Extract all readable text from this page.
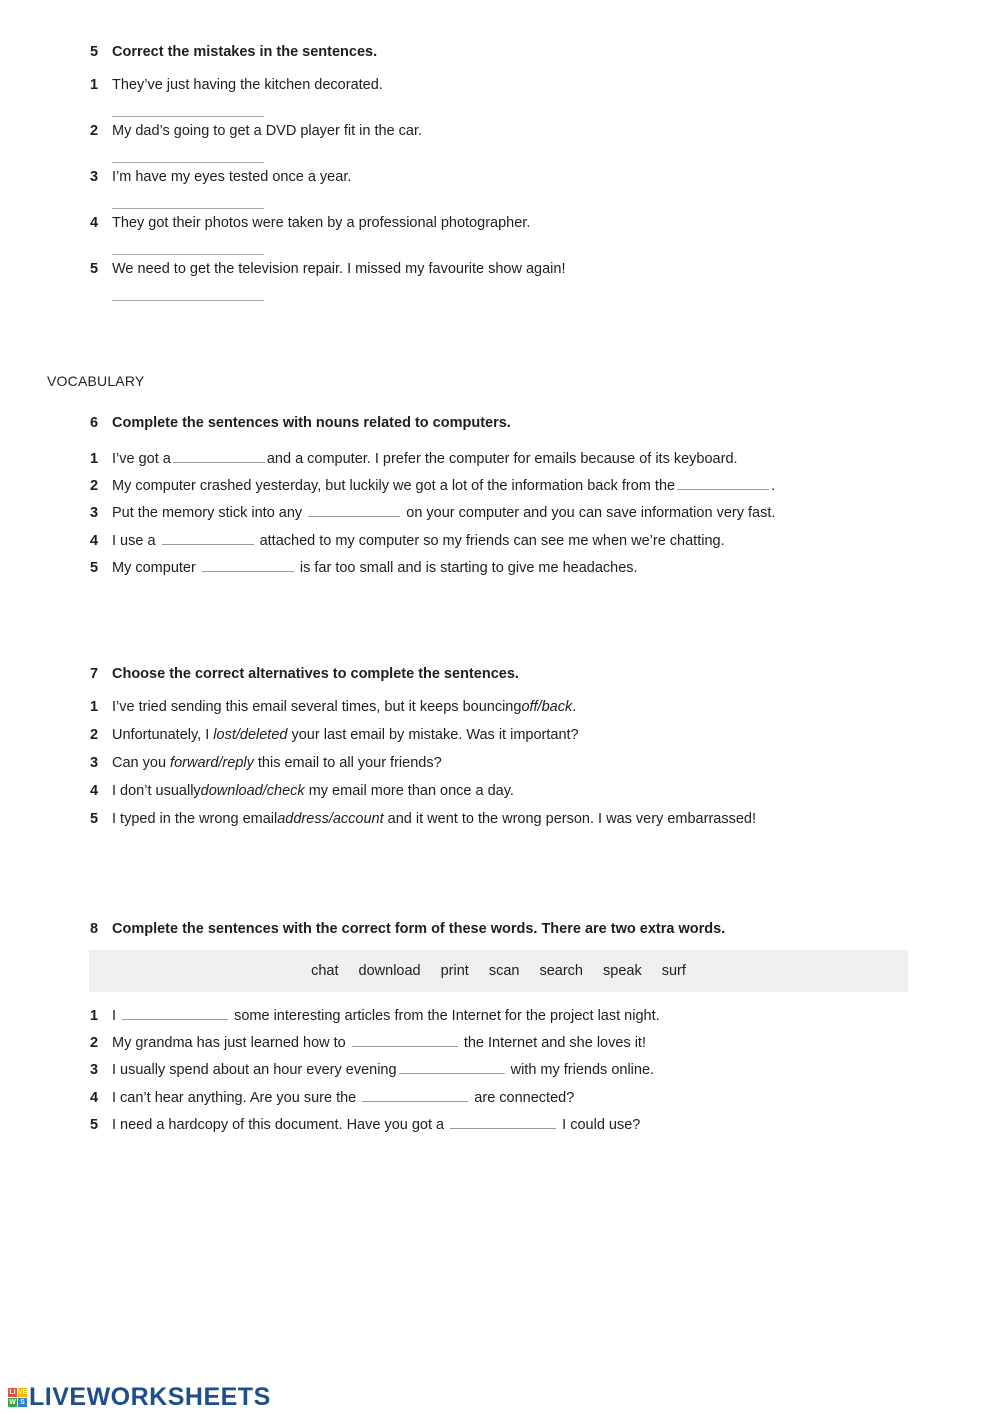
5 Correct the mistakes in the sentences.
1 They’ve just having the kitchen decorated.
2 My dad’s going to get a DVD player fit in the car.
3 I’m have my eyes tested once a year.
4 They got their photos were taken by a professional photographer.
5 We need to get the television repair. I missed my favourite show again!
VOCABULARY
6 Complete the sentences with nouns related to computers.
1 I’ve got a	and a computer. I prefer the computer for emails because of its keyboard.
2 My computer crashed yesterday, but luckily we got a lot of the information back from the	.
3 Put the memory stick into any	on your computer and you can save information very fast.
4 I use a	attached to my computer so my friends can see me when we’re chatting.
5 My computer	is far too small and is starting to give me headaches.
7 Choose the correct alternatives to complete the sentences.
1 I’ve tried sending this email several times, but it keeps bouncingoff/back.
2 Unfortunately, I lost/deleted your last email by mistake. Was it important?
3 Can you forward/reply this email to all your friends?
4 I don’t usuallydownload/check my email more than once a day.
5 I typed in the wrong emailaddress/account and it went to the wrong person. I was very embarrassed!
8 Complete the sentences with the correct form of these words. There are two extra words.
chat download print scan search speak surf
1 I	some interesting articles from the Internet for the project last night.
2 My grandma has just learned how to	the Internet and she loves it!
3 I usually spend about an hour every evening	with my friends online.
4 I can’t hear anything. Are you sure the	are connected?
5 I need a hardcopy of this document. Have you got a	I could use?
LI VE
W S LIVEWORKSHEETS
